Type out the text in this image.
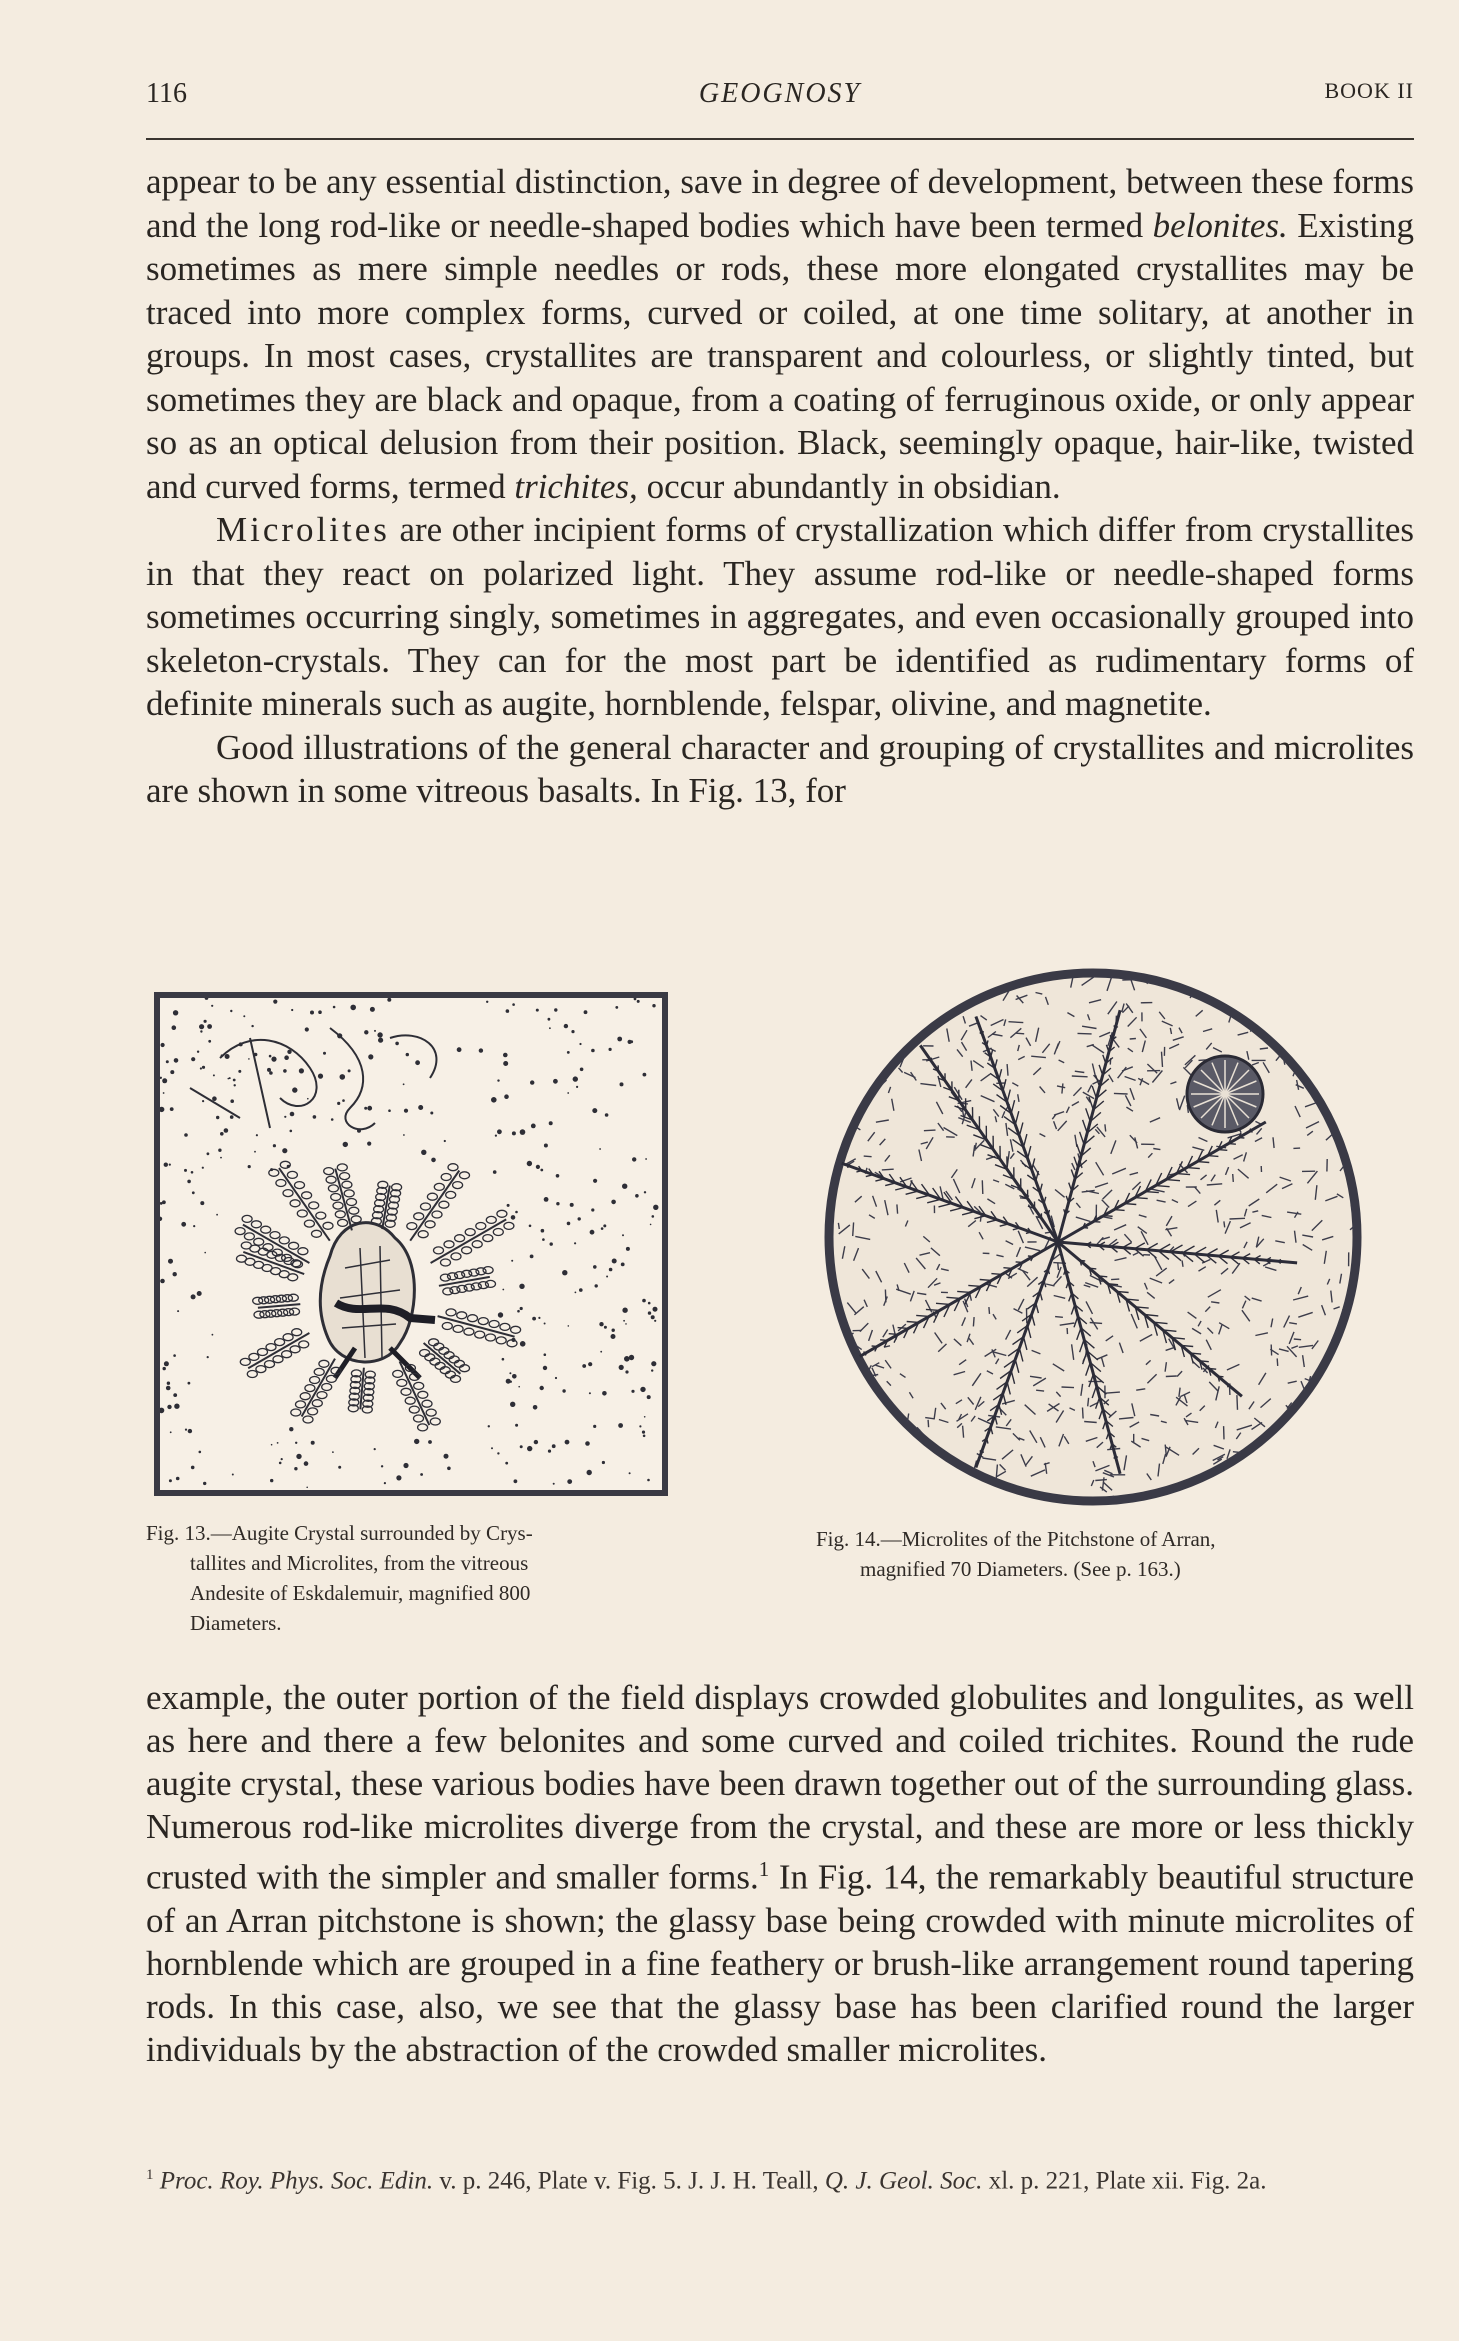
116	GEOGNOSY	BOOK II

appear to be any essential distinction, save in degree of development, between these forms and the long rod-like or needle-shaped bodies which have been termed belonites. Existing sometimes as mere simple needles or rods, these more elongated crystallites may be traced into more complex forms, curved or coiled, at one time solitary, at another in groups. In most cases, crystallites are transparent and colourless, or slightly tinted, but sometimes they are black and opaque, from a coating of ferruginous oxide, or only appear so as an optical delusion from their position. Black, seemingly opaque, hair-like, twisted and curved forms, termed trichites, occur abundantly in obsidian.

Microlites are other incipient forms of crystallization which differ from crystallites in that they react on polarized light. They assume rod-like or needle-shaped forms sometimes occurring singly, sometimes in aggregates, and even occasionally grouped into skeleton-crystals. They can for the most part be identified as rudimentary forms of definite minerals such as augite, hornblende, felspar, olivine, and magnetite.

Good illustrations of the general character and grouping of crystallites and microlites are shown in some vitreous basalts. In Fig. 13, for

Fig. 13.—Augite Crystal surrounded by Crys-
tallites and Microlites, from the vitreous
Andesite of Eskdalemuir, magnified 800
Diameters.
Fig. 14.—Microlites of the Pitchstone of Arran,
magnified 70 Diameters. (See p. 163.)

example, the outer portion of the field displays crowded globulites and longulites, as well as here and there a few belonites and some curved and coiled trichites. Round the rude augite crystal, these various bodies have been drawn together out of the surrounding glass. Numerous rod-like microlites diverge from the crystal, and these are more or less thickly crusted with the simpler and smaller forms.$^1$ In Fig. 14, the remarkably beautiful structure of an Arran pitchstone is shown; the glassy base being crowded with minute microlites of hornblende which are grouped in a fine feathery or brush-like arrangement round tapering rods. In this case, also, we see that the glassy base has been clarified round the larger individuals by the abstraction of the crowded smaller microlites.

$^1$ Proc. Roy. Phys. Soc. Edin. v. p. 246, Plate v. Fig. 5. J. J. H. Teall, Q. J. Geol. Soc. xl. p. 221, Plate xii. Fig. 2a.
